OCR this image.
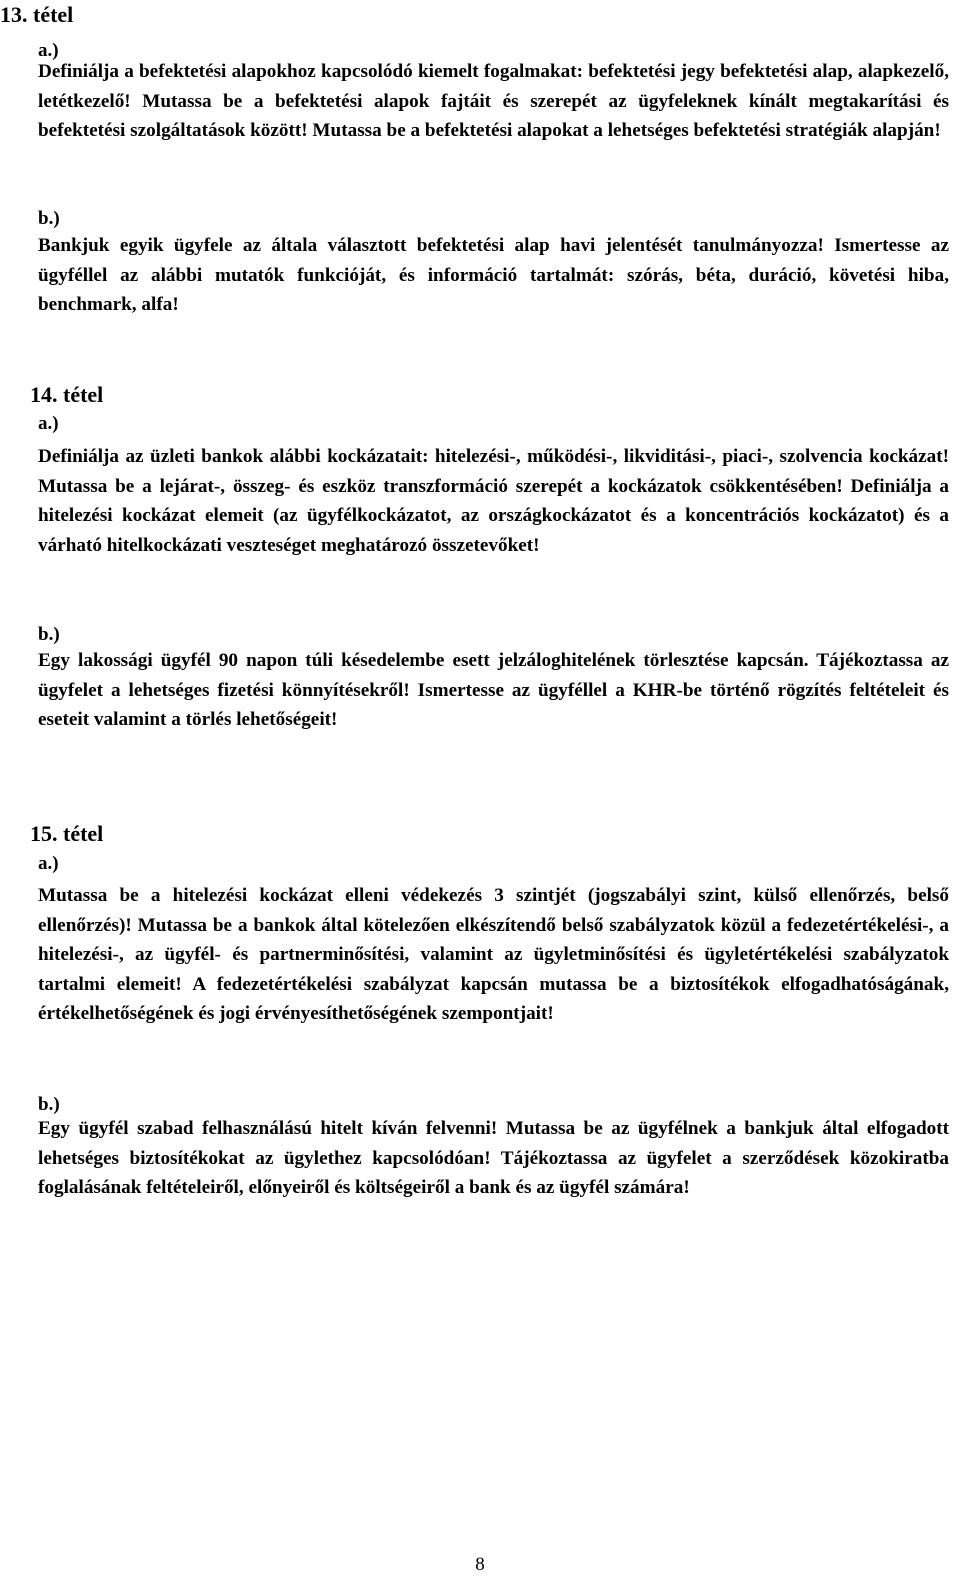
13. tétel
a.)

Definiálja a befektetési alapokhoz kapcsolódó kiemelt fogalmakat: befektetési jegy befektetési alap, alapkezelő, letétkezelő! Mutassa be a befektetési alapok fajtáit és szerepét az ügyfeleknek kínált megtakarítási és befektetési szolgáltatások között! Mutassa be a befektetési alapokat a lehetséges befektetési stratégiák alapján!

b.)

Bankjuk egyik ügyfele az általa választott befektetési alap havi jelentését tanulmányozza! Ismertesse az ügyféllel az alábbi mutatók funkcióját, és információ tartalmát: szórás, béta, duráció, követési hiba, benchmark, alfa!

14. tétel
a.)

Definiálja az üzleti bankok alábbi kockázatait: hitelezési-, működési-, likviditási-, piaci-, szolvencia kockázat! Mutassa be a lejárat-, összeg- és eszköz transzformáció szerepét a kockázatok csökkentésében! Definiálja a hitelezési kockázat elemeit (az ügyfélkockázatot, az országkockázatot és a koncentrációs kockázatot) és a várható hitelkockázati veszteséget meghatározó összetevőket!

b.)

Egy lakossági ügyfél 90 napon túli késedelembe esett jelzáloghitelének törlesztése kapcsán. Tájékoztassa az ügyfelet a lehetséges fizetési könnyítésekről! Ismertesse az ügyféllel a KHR-be történő rögzítés feltételeit és eseteit valamint a törlés lehetőségeit!

15. tétel
a.)

Mutassa be a hitelezési kockázat elleni védekezés 3 szintjét (jogszabályi szint, külső ellenőrzés, belső ellenőrzés)! Mutassa be a bankok által kötelezően elkészítendő belső szabályzatok közül a fedezetértékelési-, a hitelezési-, az ügyfél- és partnerminősítési, valamint az ügyletminősítési és ügyletértékelési szabályzatok tartalmi elemeit! A fedezetértékelési szabályzat kapcsán mutassa be a biztosítékok elfogadhatóságának, értékelhetőségének és jogi érvényesíthetőségének szempontjait!

b.)

Egy ügyfél szabad felhasználású hitelt kíván felvenni! Mutassa be az ügyfélnek a bankjuk által elfogadott lehetséges biztosítékokat az ügylethez kapcsolódóan! Tájékoztassa az ügyfelet a szerződések közokiratba foglalásának feltételeiről, előnyeiről és költségeiről a bank és az ügyfél számára!

8
